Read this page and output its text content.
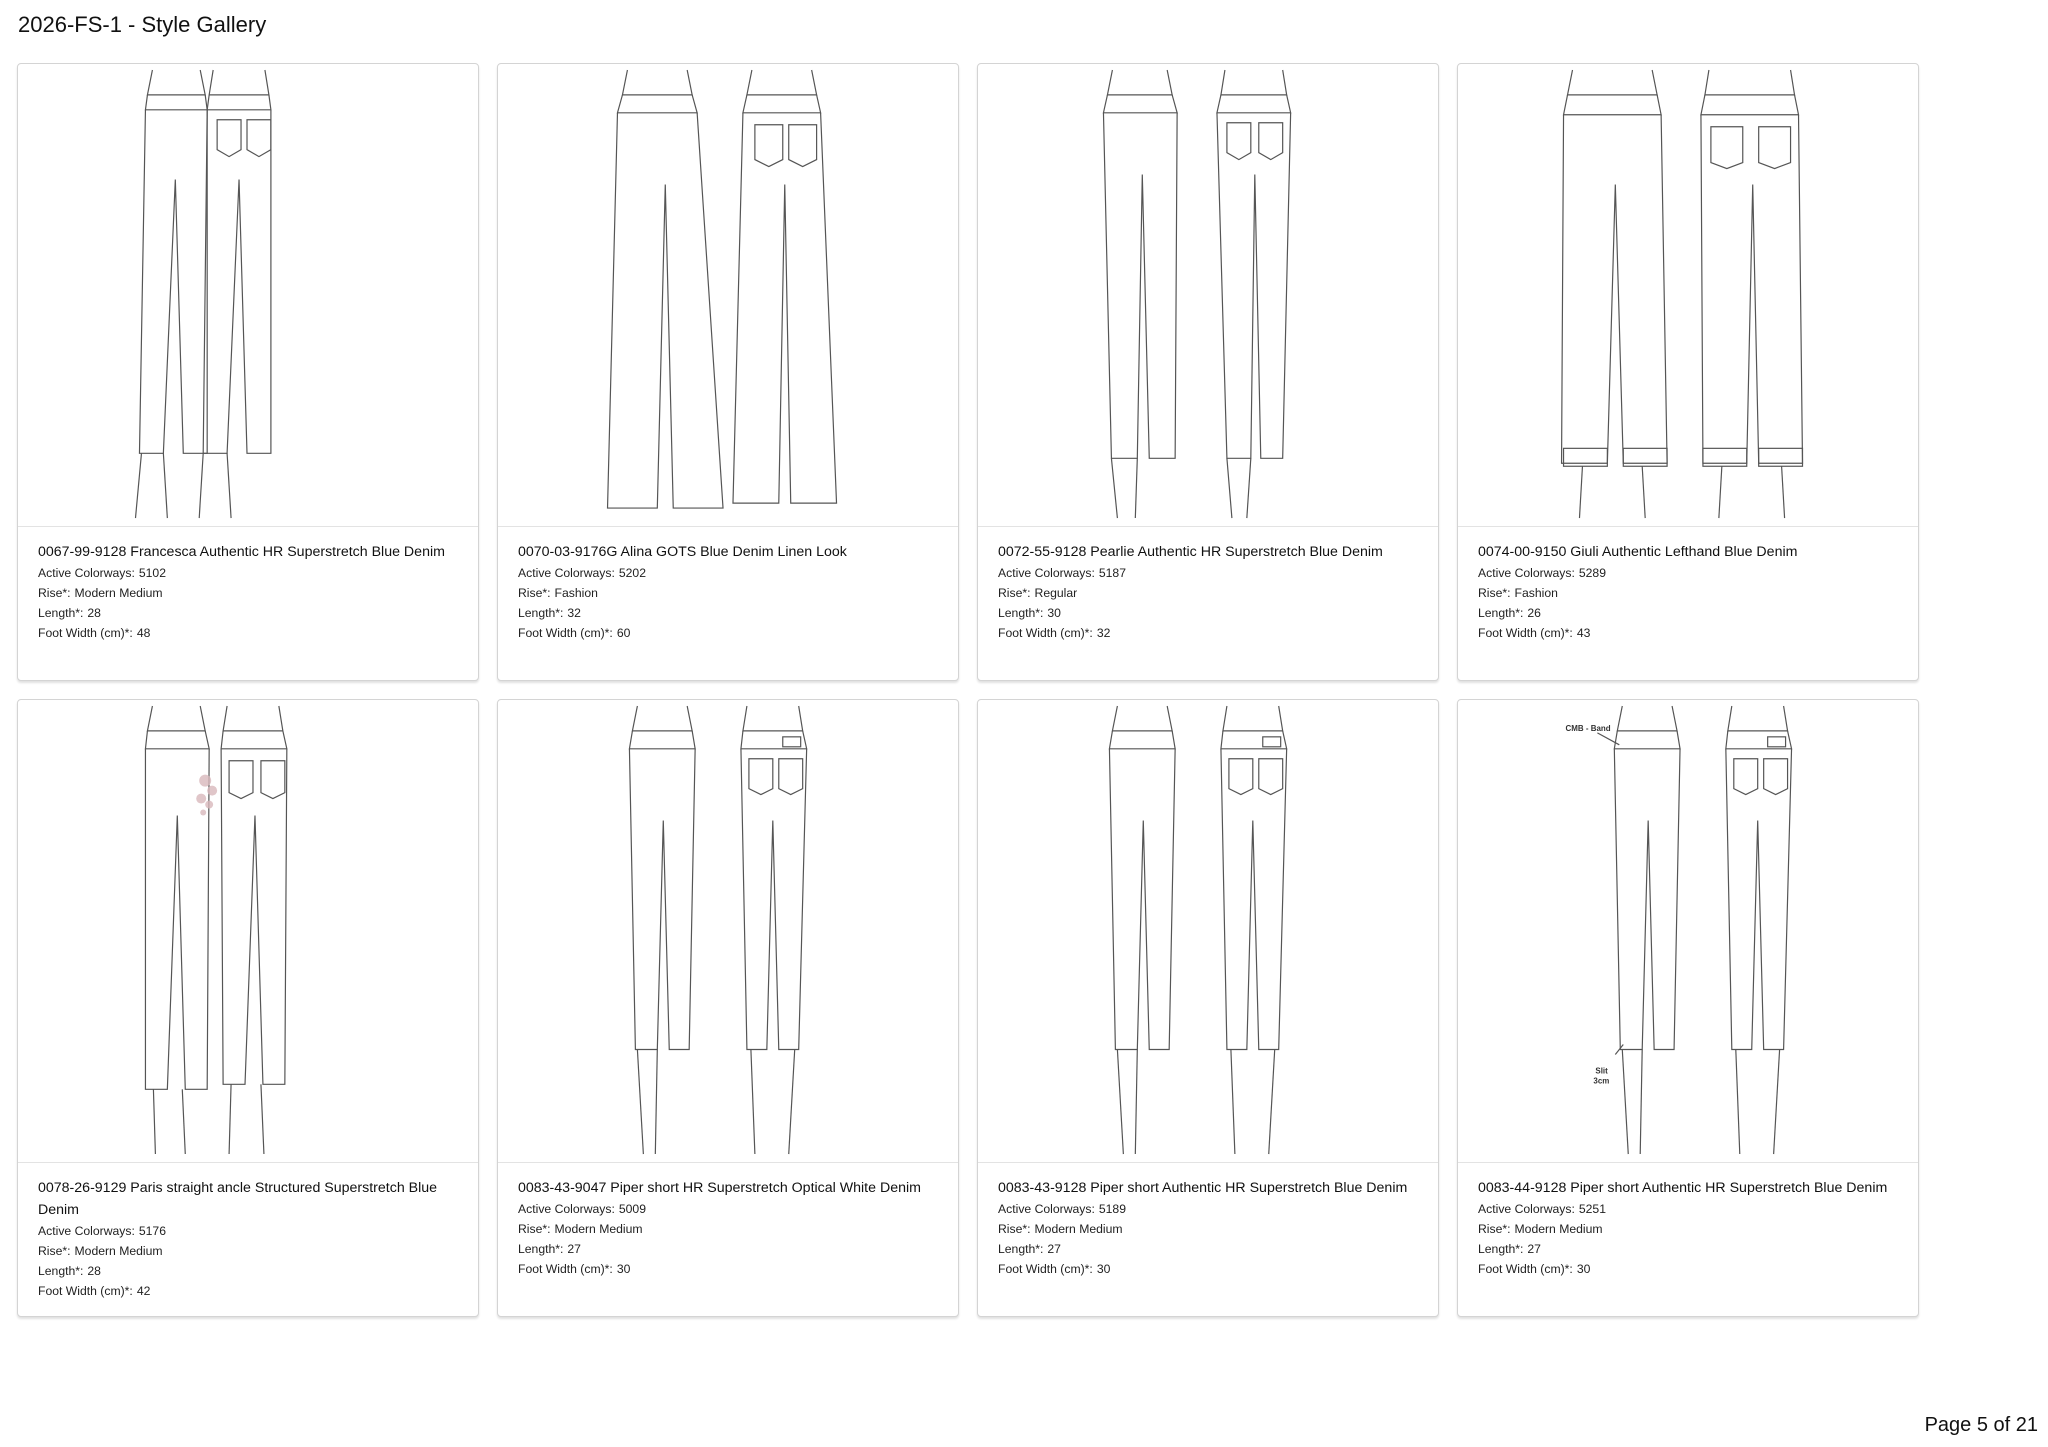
2026-FS-1 - Style Gallery
0067-99-9128 Francesca Authentic HR Superstretch Blue Denim
Active Colorways: 5102
Rise*: Modern Medium
Length*: 28
Foot Width (cm)*: 48
0070-03-9176G Alina GOTS Blue Denim Linen Look
Active Colorways: 5202
Rise*: Fashion
Length*: 32
Foot Width (cm)*: 60
0072-55-9128 Pearlie Authentic HR Superstretch Blue Denim
Active Colorways: 5187
Rise*: Regular
Length*: 30
Foot Width (cm)*: 32
0074-00-9150 Giuli Authentic Lefthand Blue Denim
Active Colorways: 5289
Rise*: Fashion
Length*: 26
Foot Width (cm)*: 43
0078-26-9129 Paris straight ancle Structured Superstretch Blue Denim
Active Colorways: 5176
Rise*: Modern Medium
Length*: 28
Foot Width (cm)*: 42
0083-43-9047 Piper short HR Superstretch Optical White Denim
Active Colorways: 5009
Rise*: Modern Medium
Length*: 27
Foot Width (cm)*: 30
0083-43-9128 Piper short Authentic HR Superstretch Blue Denim
Active Colorways: 5189
Rise*: Modern Medium
Length*: 27
Foot Width (cm)*: 30
CMB - Band
Slit
3cm
0083-44-9128 Piper short Authentic HR Superstretch Blue Denim
Active Colorways: 5251
Rise*: Modern Medium
Length*: 27
Foot Width (cm)*: 30
Page 5 of 21
